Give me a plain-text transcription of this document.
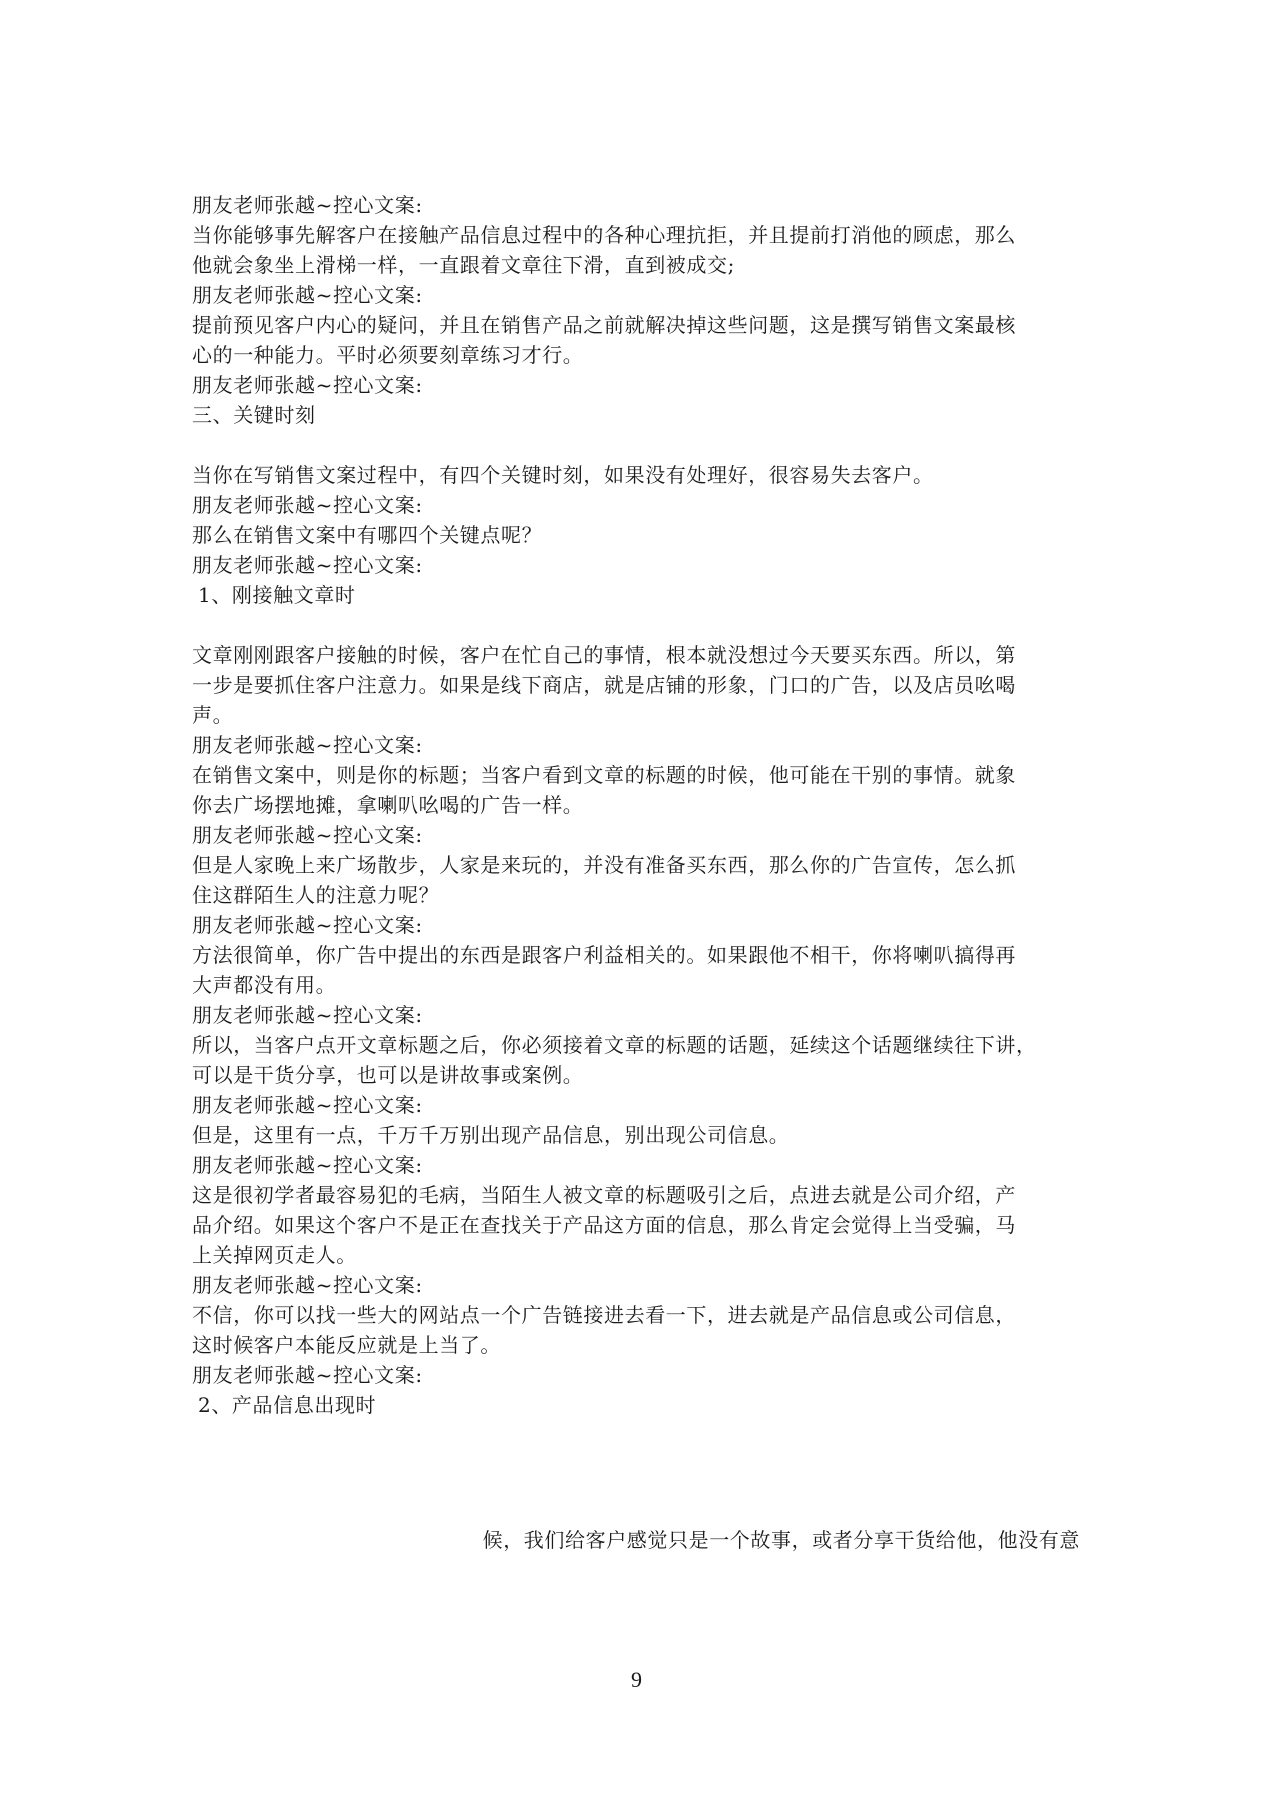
朋友老师张越~控心文案:
当你能够事先解客户在接触产品信息过程中的各种心理抗拒，并且提前打消他的顾虑，那么
他就会象坐上滑梯一样，一直跟着文章往下滑，直到被成交;
朋友老师张越~控心文案:
提前预见客户内心的疑问，并且在销售产品之前就解决掉这些问题，这是撰写销售文案最核
心的一种能力。平时必须要刻章练习才行。
朋友老师张越~控心文案:
三、关键时刻
当你在写销售文案过程中，有四个关键时刻，如果没有处理好，很容易失去客户。
朋友老师张越~控心文案:
那么在销售文案中有哪四个关键点呢？
朋友老师张越~控心文案:
1、刚接触文章时
文章刚刚跟客户接触的时候，客户在忙自己的事情，根本就没想过今天要买东西。所以，第
一步是要抓住客户注意力。如果是线下商店，就是店铺的形象，门口的广告，以及店员吆喝
声。
朋友老师张越~控心文案:
在销售文案中，则是你的标题；当客户看到文章的标题的时候，他可能在干别的事情。就象
你去广场摆地摊，拿喇叭吆喝的广告一样。
朋友老师张越~控心文案:
但是人家晚上来广场散步，人家是来玩的，并没有准备买东西，那么你的广告宣传，怎么抓
住这群陌生人的注意力呢？
朋友老师张越~控心文案:
方法很简单，你广告中提出的东西是跟客户利益相关的。如果跟他不相干，你将喇叭搞得再
大声都没有用。
朋友老师张越~控心文案:
所以，当客户点开文章标题之后，你必须接着文章的标题的话题，延续这个话题继续往下讲，
可以是干货分享，也可以是讲故事或案例。
朋友老师张越~控心文案:
但是，这里有一点，千万千万别出现产品信息，别出现公司信息。
朋友老师张越~控心文案:
这是很初学者最容易犯的毛病，当陌生人被文章的标题吸引之后，点进去就是公司介绍，产
品介绍。如果这个客户不是正在查找关于产品这方面的信息，那么肯定会觉得上当受骗，马
上关掉网页走人。
朋友老师张越~控心文案:
不信，你可以找一些大的网站点一个广告链接进去看一下，进去就是产品信息或公司信息，
这时候客户本能反应就是上当了。
朋友老师张越~控心文案:
2、产品信息出现时
候，我们给客户感觉只是一个故事，或者分享干货给他，他没有意
9
